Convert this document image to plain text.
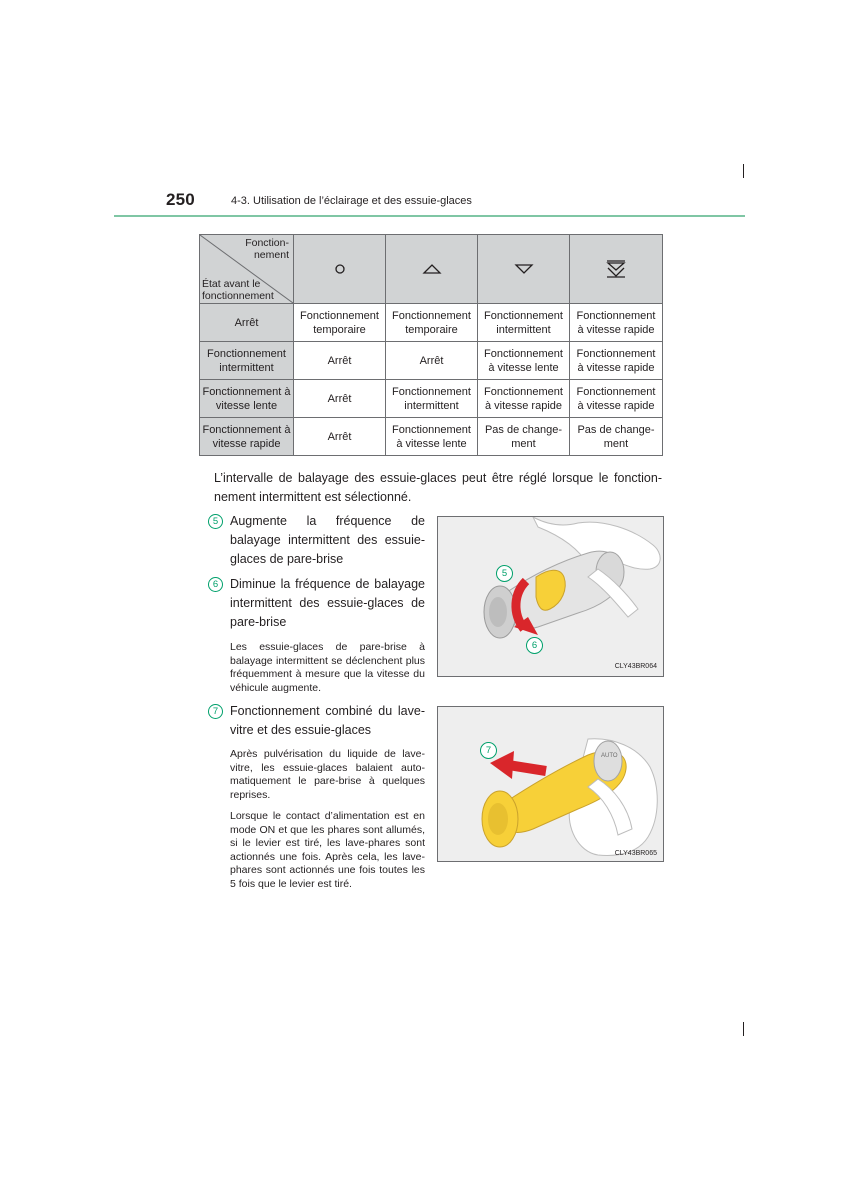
250	4-3. Utilisation de l’éclairage et des essuie-glaces
Fonction-
nement
État avant le
fonctionnement

Arrêt	Fonctionnement temporaire	Fonctionnement temporaire	Fonctionnement intermittent	Fonctionnement à vitesse rapide
Fonctionnement intermittent	Arrêt	Arrêt	Fonctionnement à vitesse lente	Fonctionnement à vitesse rapide
Fonctionnement à vitesse lente	Arrêt	Fonctionnement intermittent	Fonctionnement à vitesse rapide	Fonctionnement à vitesse rapide
Fonctionnement à vitesse rapide	Arrêt	Fonctionnement à vitesse lente	Pas de change-ment	Pas de change-ment
L’intervalle de balayage des essuie-glaces peut être réglé lorsque le fonction-nement intermittent est sélectionné.
5 Augmente la fréquence de balayage intermittent des essuie-glaces de pare-brise
6 Diminue la fréquence de balayage intermittent des essuie-glaces de pare-brise
Les essuie-glaces de pare-brise à balayage intermittent se déclenchent plus fréquemment à mesure que la vitesse du véhicule augmente.
7 Fonctionnement combiné du lave-vitre et des essuie-glaces
Après pulvérisation du liquide de lave-vitre, les essuie-glaces balaient auto-matiquement le pare-brise à quelques reprises.
Lorsque le contact d’alimentation est en mode ON et que les phares sont allumés, si le levier est tiré, les lave-phares sont actionnés une fois. Après cela, les lave-phares sont actionnés une fois toutes les 5 fois que le levier est tiré.
5
6
CLY43BR064
7	AUTO
CLY43BR065
